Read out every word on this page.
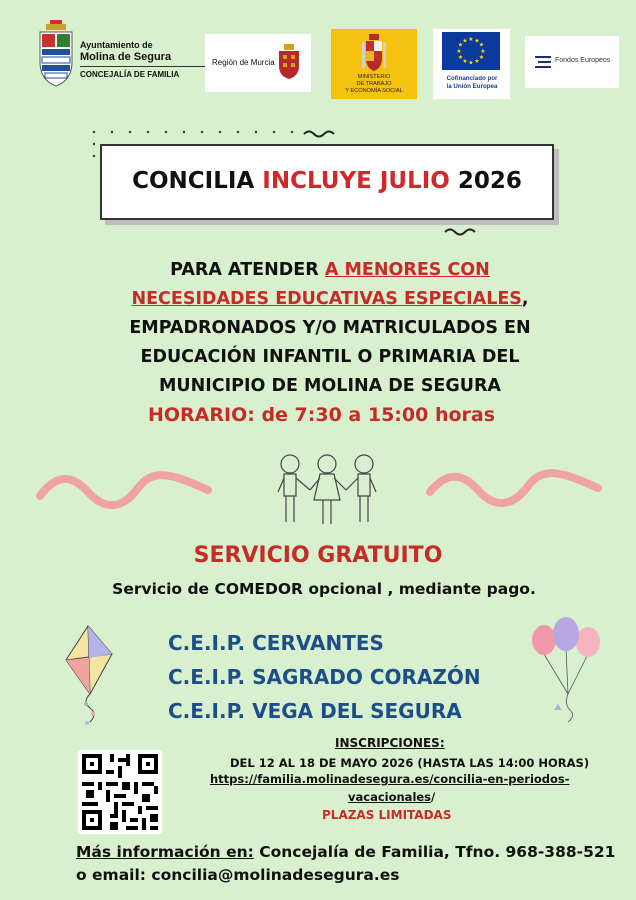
Ayuntamiento de
Molina de Segura
CONCEJALÍA DE FAMILIA
Región de Murcia
MINISTERIO
DE TRABAJO
Y ECONOMÍA SOCIAL
★ ★
★
★
★
★
★
★
★
★
★
★
Cofinanciado por
la Unión Europea
Fondos Europeos
CONCILIA INCLUYE JULIO 2026
PARA ATENDER A MENORES CON
NECESIDADES EDUCATIVAS ESPECIALES,
EMPADRONADOS Y/O MATRICULADOS EN
EDUCACIÓN INFANTIL O PRIMARIA DEL
MUNICIPIO DE MOLINA DE SEGURA
HORARIO: de 7:30 a 15:00 horas
SERVICIO GRATUITO
Servicio de COMEDOR opcional , mediante pago.
C.E.I.P. CERVANTES
C.E.I.P. SAGRADO CORAZÓN
C.E.I.P. VEGA DEL SEGURA
INSCRIPCIONES:
DEL 12 AL 18 DE MAYO 2026 (HASTA LAS 14:00 HORAS)
https://familia.molinadesegura.es/concilia-en-periodos-
vacacionales/
PLAZAS LIMITADAS
Más información en: Concejalía de Familia, Tfno. 968-388-521
o email: concilia@molinadesegura.es
